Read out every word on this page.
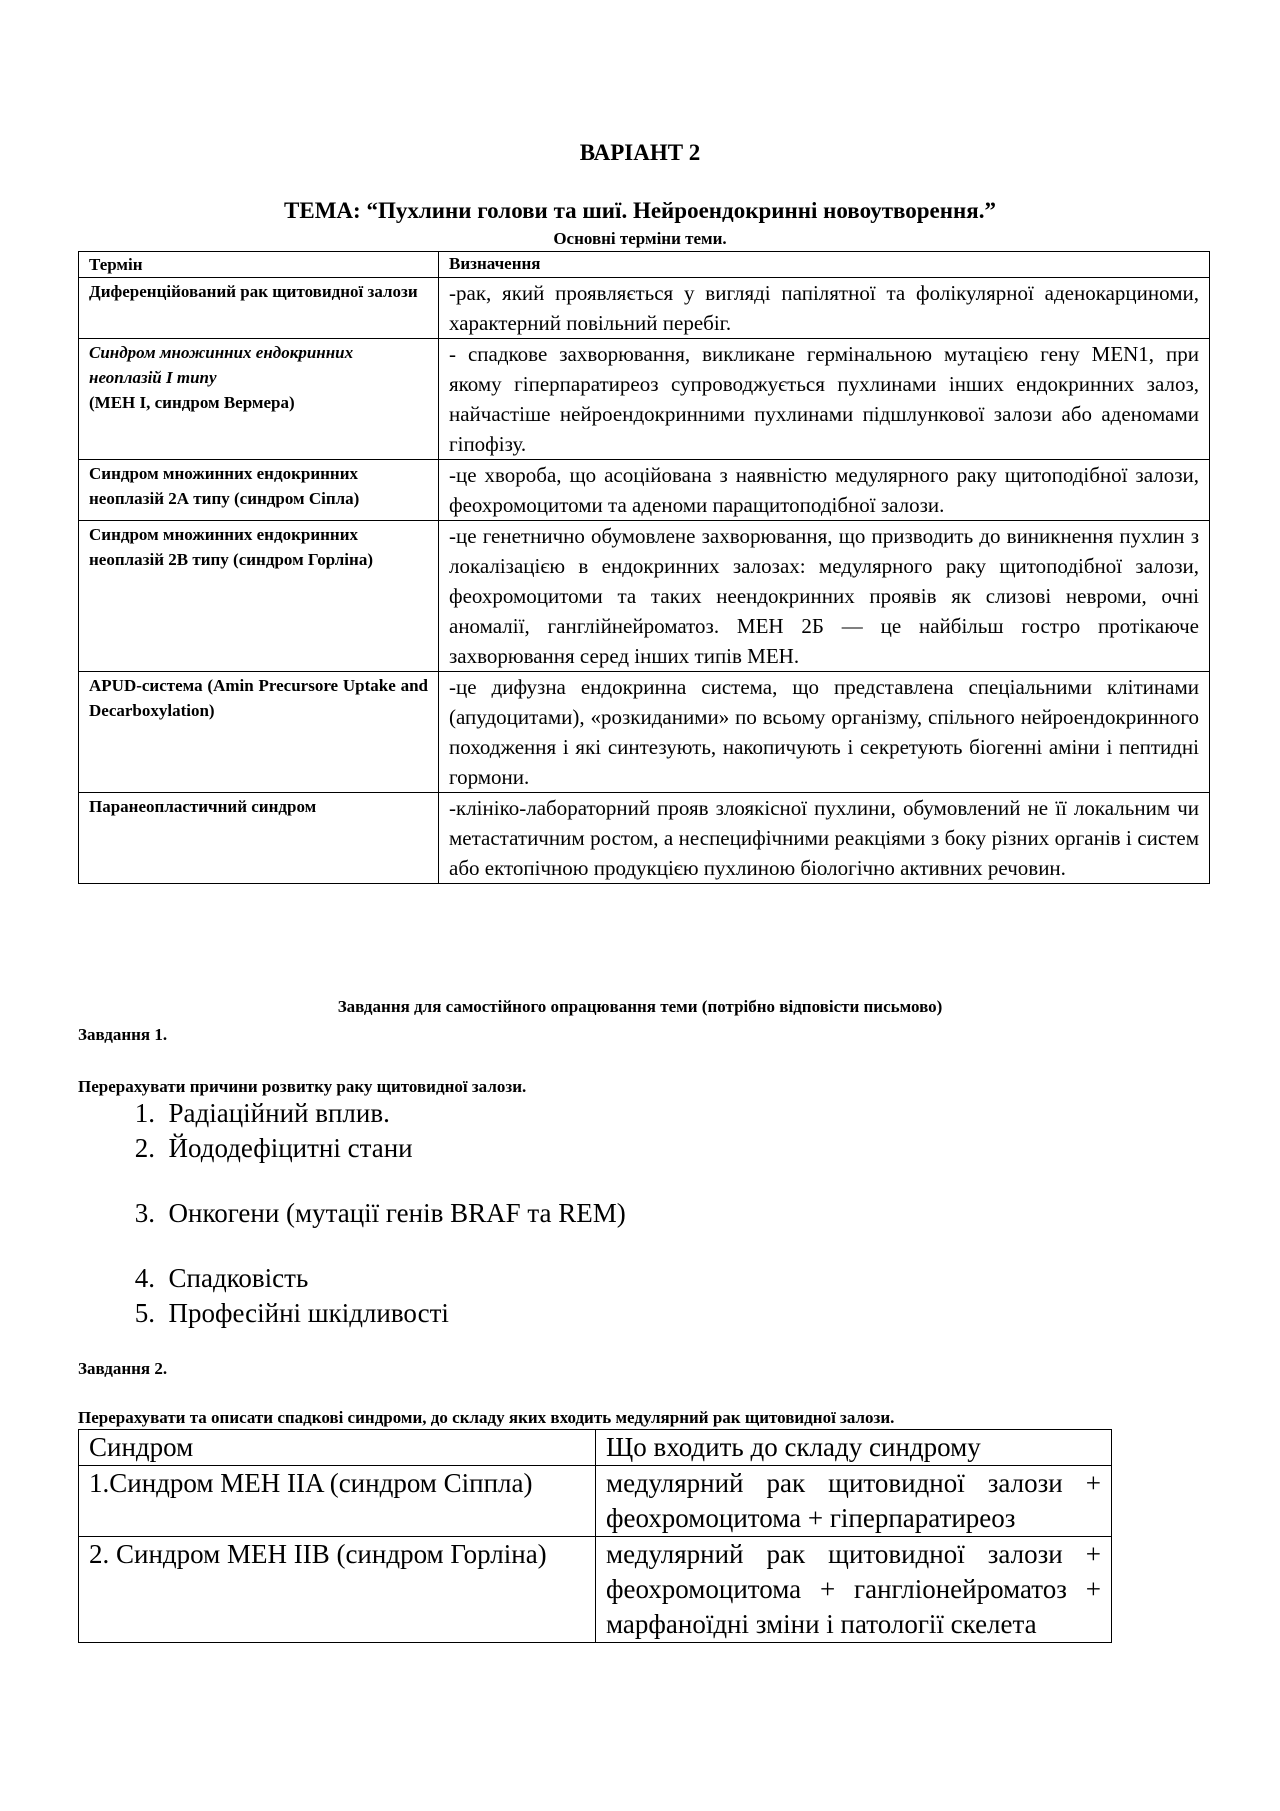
ВАРІАНТ 2
ТЕМА: “Пухлини голови та шиї. Нейроендокринні новоутворення.”
Основні терміни теми.
Термін	Визначення
Диференційований рак щитовидної залози	-рак, який проявляється у вигляді папілятної та фолікулярної аденокарциноми, характерний повільний перебіг.
Синдром множинних ендокринних неоплазій I типу
(МЕН І, синдром Вермера)	- спадкове захворювання, викликане гермінальною мутацією гену MEN1, при якому гіперпаратиреоз супроводжується пухлинами інших ендокринних залоз, найчастіше нейроендокринними пухлинами підшлункової залози або аденомами гіпофізу.
Синдром множинних ендокринних неоплазій 2А типу (синдром Сіпла)	-це хвороба, що асоційована з наявністю медулярного раку щитоподібної залози, феохромоцитоми та аденоми паращитоподібної залози.
Синдром множинних ендокринних неоплазій 2В типу (синдром Горліна)	-це генетнично обумовлене захворювання, що призводить до виникнення пухлин з локалізацією в ендокринних залозах: медулярного раку щитоподібної залози, феохромоцитоми та таких неендокринних проявів як слизові невроми, очні аномалії, ганглійнейроматоз. МЕН 2Б — це найбільш гостро протікаюче захворювання серед інших типів МЕН.
APUD-система (Amin Precursore Uptake and Decarboxylation)	-це дифузна ендокринна система, що представлена спеціальними клітинами (апудоцитами), «розкиданими» по всьому організму, спільного нейроендокринного походження і які синтезують, накопичують і секретують біогенні аміни і пептидні гормони.
Паранеопластичний синдром	-клініко-лабораторний прояв злоякісної пухлини, обумовлений не її локальним чи метастатичним ростом, а неспецифічними реакціями з боку різних органів і систем або ектопічною продукцією пухлиною біологічно активних речовин.
Завдання для самостійного опрацювання теми (потрібно відповісти письмово)
Завдання 1.
Перерахувати причини розвитку раку щитовидної залози.
1. Радіаційний вплив.
2. Йододефіцитні стани
3. Онкогени (мутації генів BRAF та REM)
4. Спадковість
5. Професійні шкідливості
Завдання 2.
Перерахувати та описати спадкові синдроми, до складу яких входить медулярний рак щитовидної залози.
Синдром	Що входить до складу синдрому
1.Синдром МЕН IIA (синдром Сіппла)	медулярний рак щитовидної залози + феохромоцитома + гіперпаратиреоз
2. Синдром МЕН IIB (синдром Горліна)	медулярний рак щитовидної залози + феохромоцитома + гангліонейроматоз + марфаноїдні зміни і патології скелета
